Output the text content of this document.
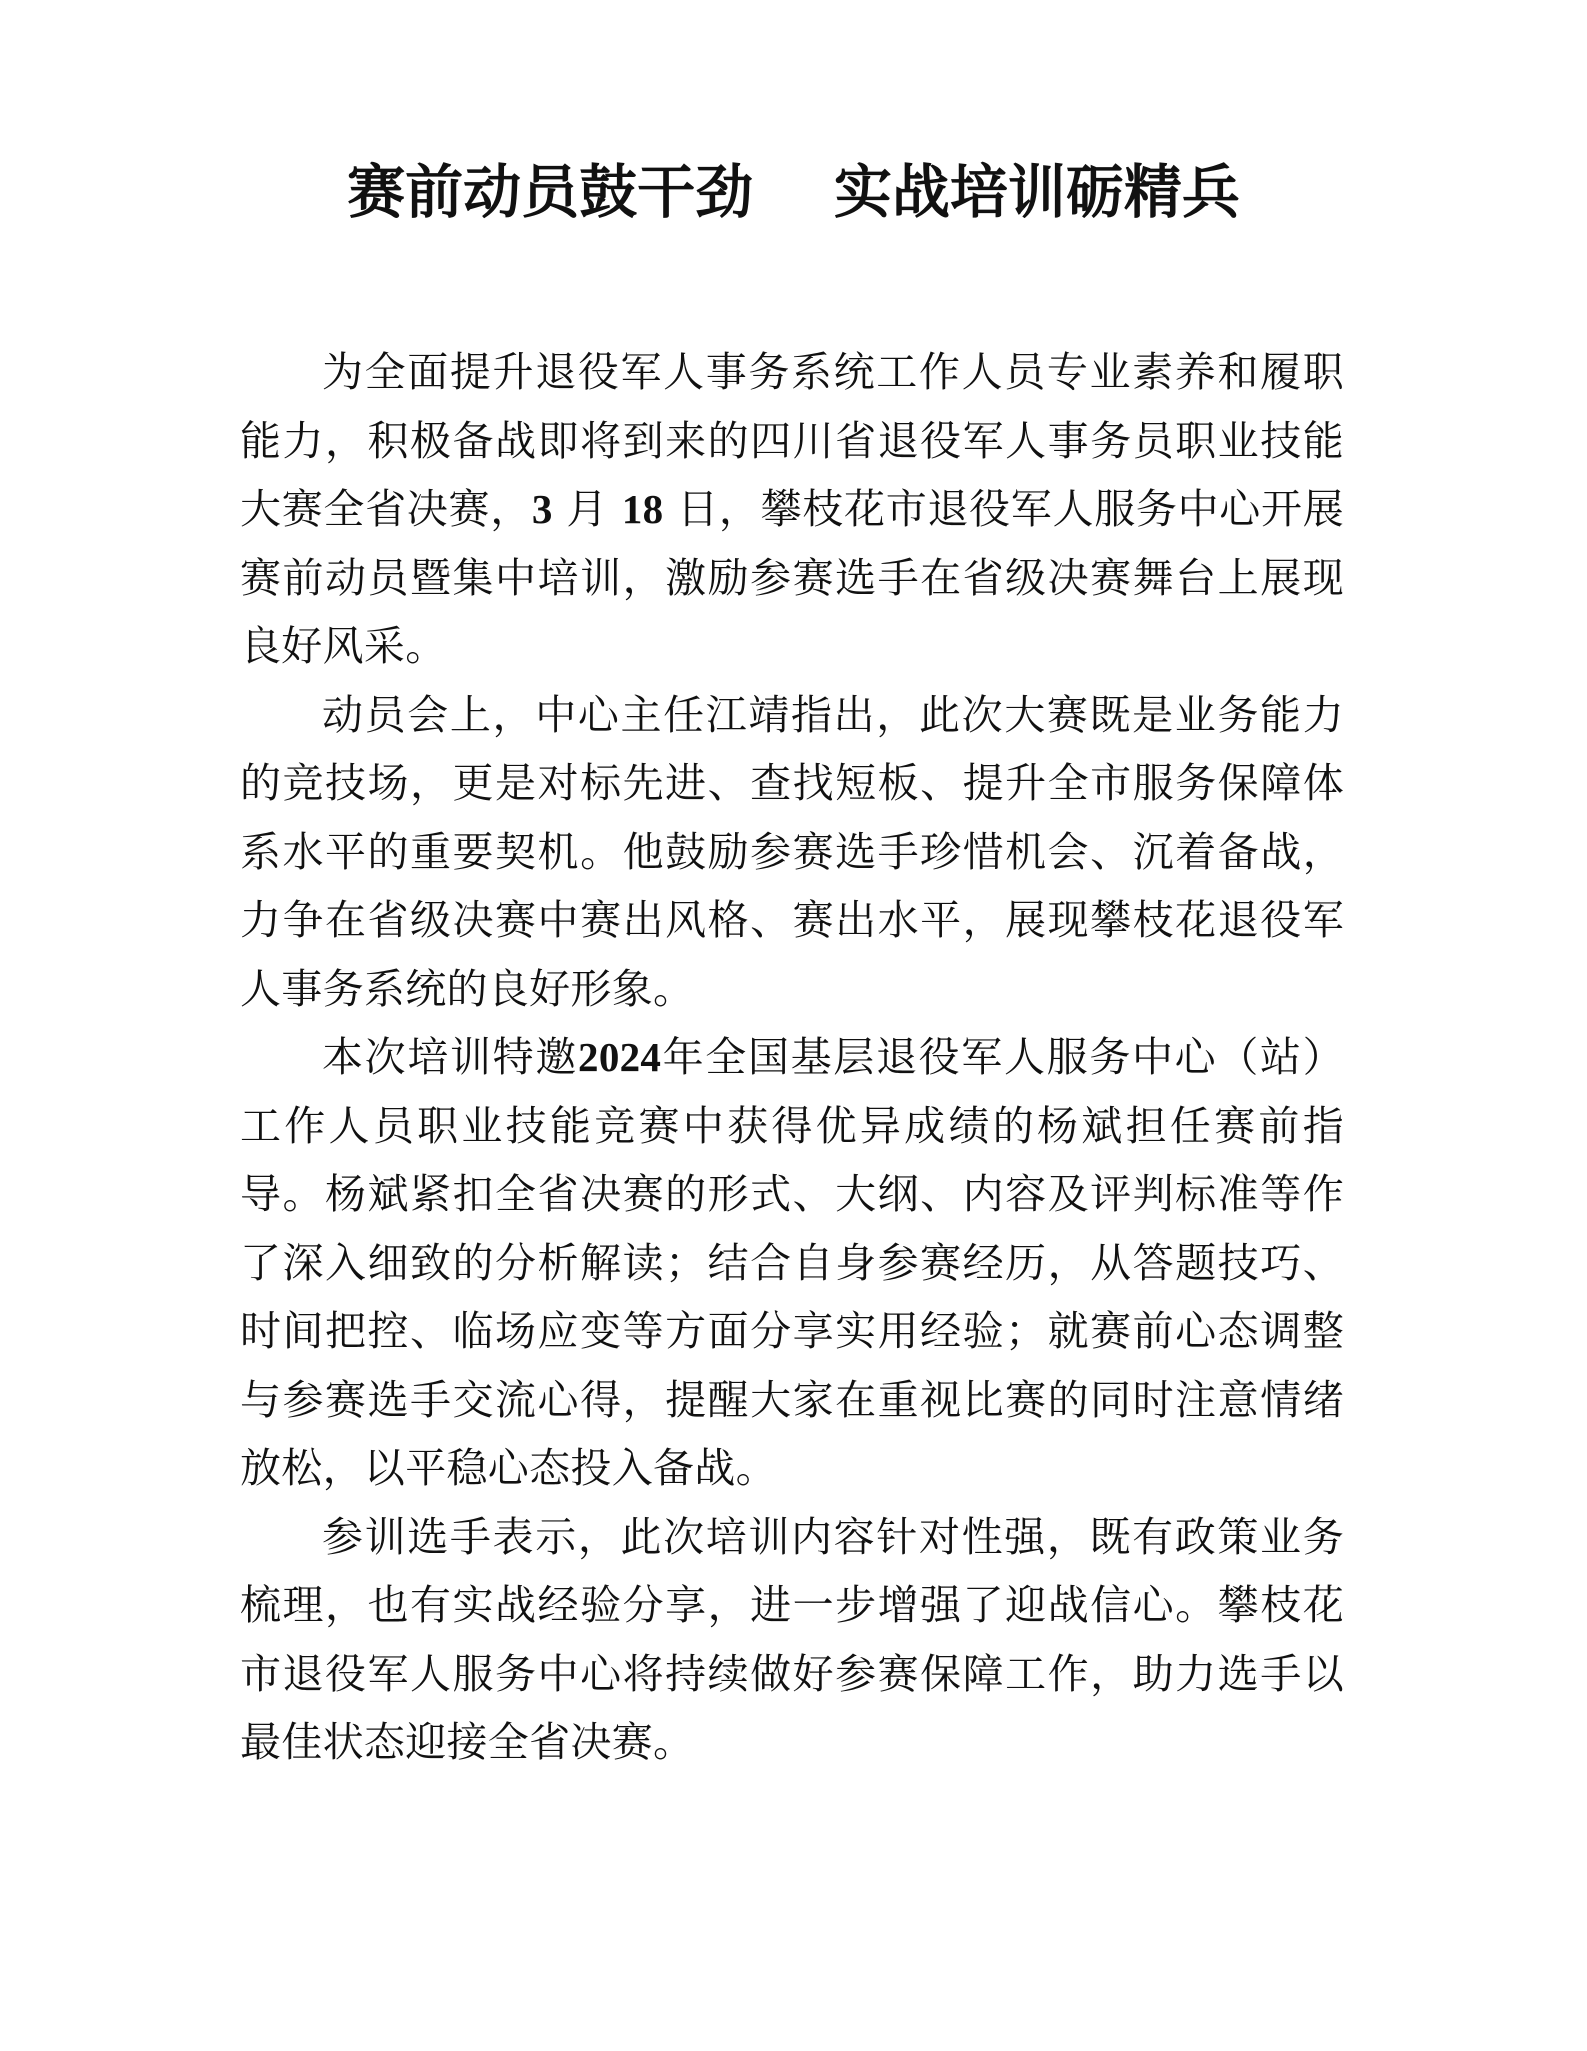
赛前动员鼓干劲    实战培训砺精兵

为全面提升退役军人事务系统工作人员专业素养和履职能力，积极备战即将到来的四川省退役军人事务员职业技能大赛全省决赛，3 月 18 日，攀枝花市退役军人服务中心开展赛前动员暨集中培训，激励参赛选手在省级决赛舞台上展现良好风采。

动员会上，中心主任江靖指出，此次大赛既是业务能力的竞技场，更是对标先进、查找短板、提升全市服务保障体系水平的重要契机。他鼓励参赛选手珍惜机会、沉着备战，力争在省级决赛中赛出风格、赛出水平，展现攀枝花退役军人事务系统的良好形象。

本次培训特邀2024年全国基层退役军人服务中心（站）工作人员职业技能竞赛中获得优异成绩的杨斌担任赛前指导。杨斌紧扣全省决赛的形式、大纲、内容及评判标准等作了深入细致的分析解读；结合自身参赛经历，从答题技巧、时间把控、临场应变等方面分享实用经验；就赛前心态调整与参赛选手交流心得，提醒大家在重视比赛的同时注意情绪放松，以平稳心态投入备战。

参训选手表示，此次培训内容针对性强，既有政策业务梳理，也有实战经验分享，进一步增强了迎战信心。攀枝花市退役军人服务中心将持续做好参赛保障工作，助力选手以最佳状态迎接全省决赛。
